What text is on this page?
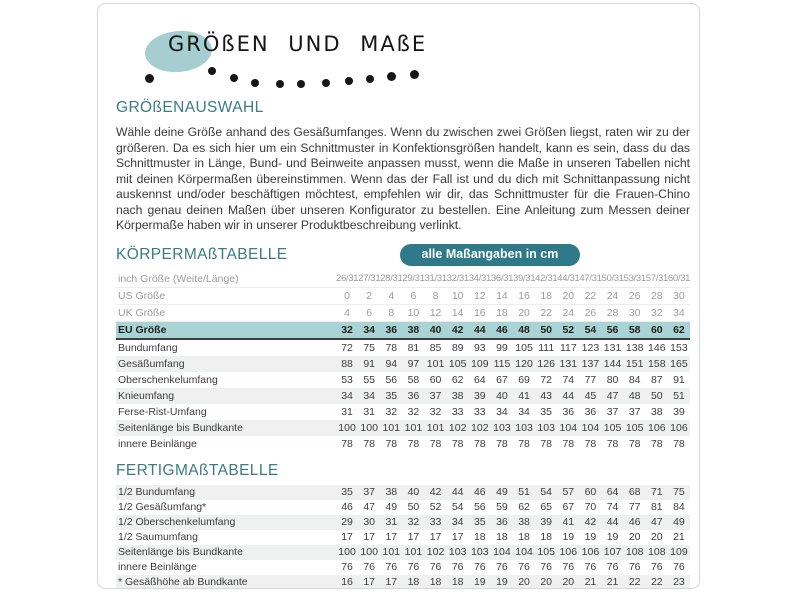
GRÖßEN UND MAßE
GRÖßENAUSWAHL

Wähle deine Größe anhand des Gesäßumfanges. Wenn du zwischen zwei Größen liegst, raten wir zu der größeren. Da es sich hier um ein Schnittmuster in Konfektionsgrößen handelt, kann es sein, dass du das Schnittmuster in Länge, Bund- und Beinweite anpassen musst, wenn die Maße in unseren Tabellen nicht mit deinen Körpermaßen übereinstimmen. Wenn das der Fall ist und du dich mit Schnittanpassung nicht auskennst und/oder beschäftigen möchtest, empfehlen wir dir, das Schnittmuster für die Frauen-Chino nach genau deinen Maßen über unseren Konfigurator zu bestellen. Eine Anleitung zum Messen deiner Körpermaße haben wir in unserer Produktbeschreibung verlinkt.

KÖRPERMAßTABELLE	alle Maßangaben in cm
inch Größe (Weite/Länge)	26/31	27/31	28/31	29/31	31/31	32/31	34/31	36/31	39/31	42/31	44/31	47/31	50/31	53/31	57/31	60/31
US Größe	0	2	4	6	8	10	12	14	16	18	20	22	24	26	28	30
UK Größe	4	6	8	10	12	14	16	18	20	22	24	26	28	30	32	34
EU Größe	32	34	36	38	40	42	44	46	48	50	52	54	56	58	60	62
Bundumfang	72	75	78	81	85	89	93	99	105	111	117	123	131	138	146	153
Gesäßumfang	88	91	94	97	101	105	109	115	120	126	131	137	144	151	158	165
Oberschenkelumfang	53	55	56	58	60	62	64	67	69	72	74	77	80	84	87	91
Knieumfang	34	34	35	36	37	38	39	40	41	43	44	45	47	48	50	51
Ferse-Rist-Umfang	31	31	32	32	32	33	33	34	34	35	36	36	37	37	38	39
Seitenlänge bis Bundkante	100	100	101	101	101	102	102	103	103	103	104	104	105	105	106	106
innere Beinlänge	78	78	78	78	78	78	78	78	78	78	78	78	78	78	78	78
FERTIGMAßTABELLE
1/2 Bundumfang	35	37	38	40	42	44	46	49	51	54	57	60	64	68	71	75
1/2 Gesäßumfang*	46	47	49	50	52	54	56	59	62	65	67	70	74	77	81	84
1/2 Oberschenkelumfang	29	30	31	32	33	34	35	36	38	39	41	42	44	46	47	49
1/2 Saumumfang	17	17	17	17	17	17	18	18	18	18	19	19	19	20	20	21
Seitenlänge bis Bundkante	100	100	101	101	102	103	103	104	104	105	106	106	107	108	108	109
innere Beinlänge	76	76	76	76	76	76	76	76	76	76	76	76	76	76	76	76
* Gesäßhöhe ab Bundkante	16	17	17	18	18	18	19	19	20	20	20	21	21	22	22	23
